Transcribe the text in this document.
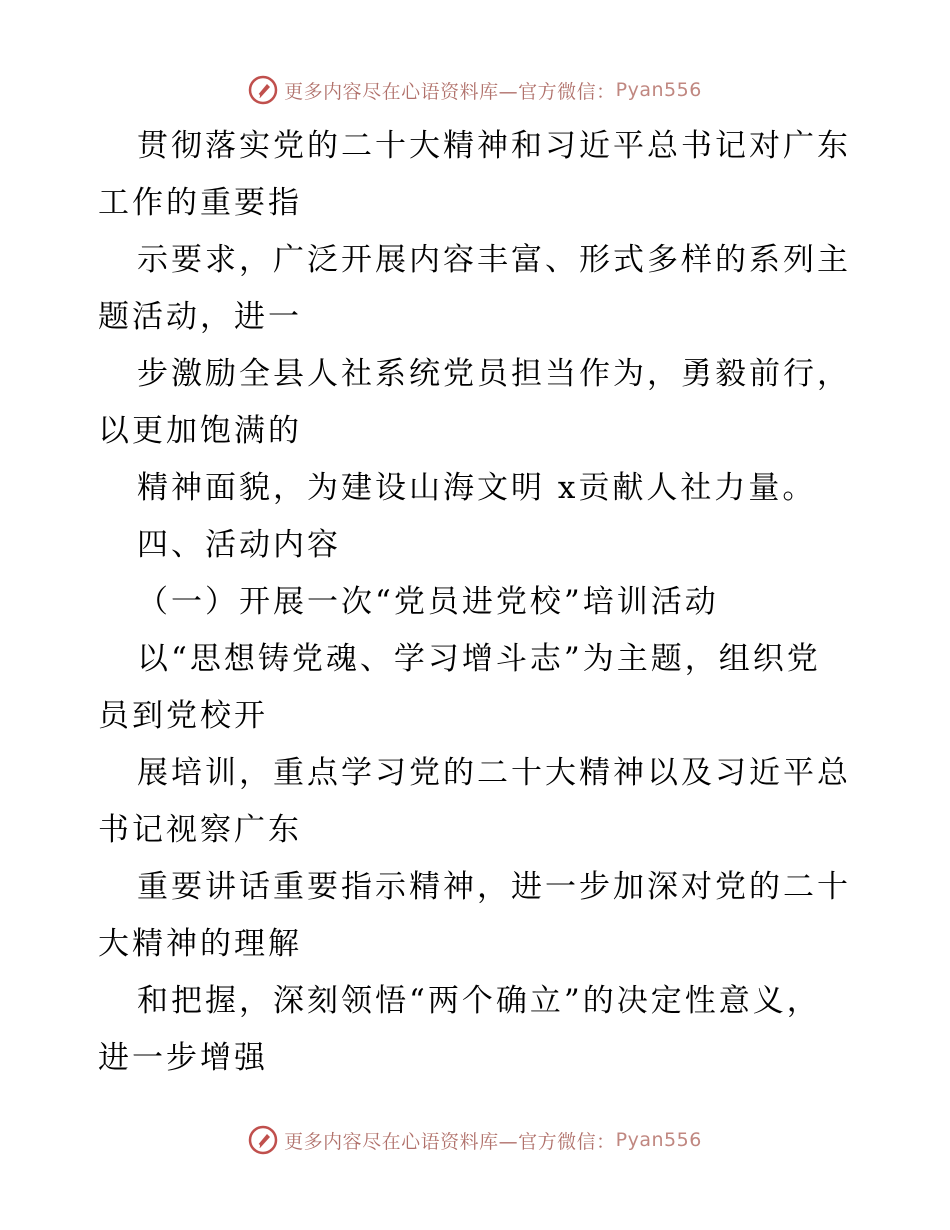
更多内容尽在心语资料库—官方微信： Pyan556

贯彻落实党的二十大精神和习近平总书记对广东

工作的重要指

示要求，广泛开展内容丰富、形式多样的系列主

题活动，进一

步激励全县人社系统党员担当作为，勇毅前行，

以更加饱满的

精神面貌，为建设山海文明 x贡献人社力量。

四、活动内容

（一）开展一次“党员进党校”培训活动

以“思想铸党魂、学习增斗志”为主题，组织党

员到党校开

展培训，重点学习党的二十大精神以及习近平总

书记视察广东

重要讲话重要指示精神，进一步加深对党的二十

大精神的理解

和把握，深刻领悟“两个确立”的决定性意义，

进一步增强

更多内容尽在心语资料库—官方微信： Pyan556
